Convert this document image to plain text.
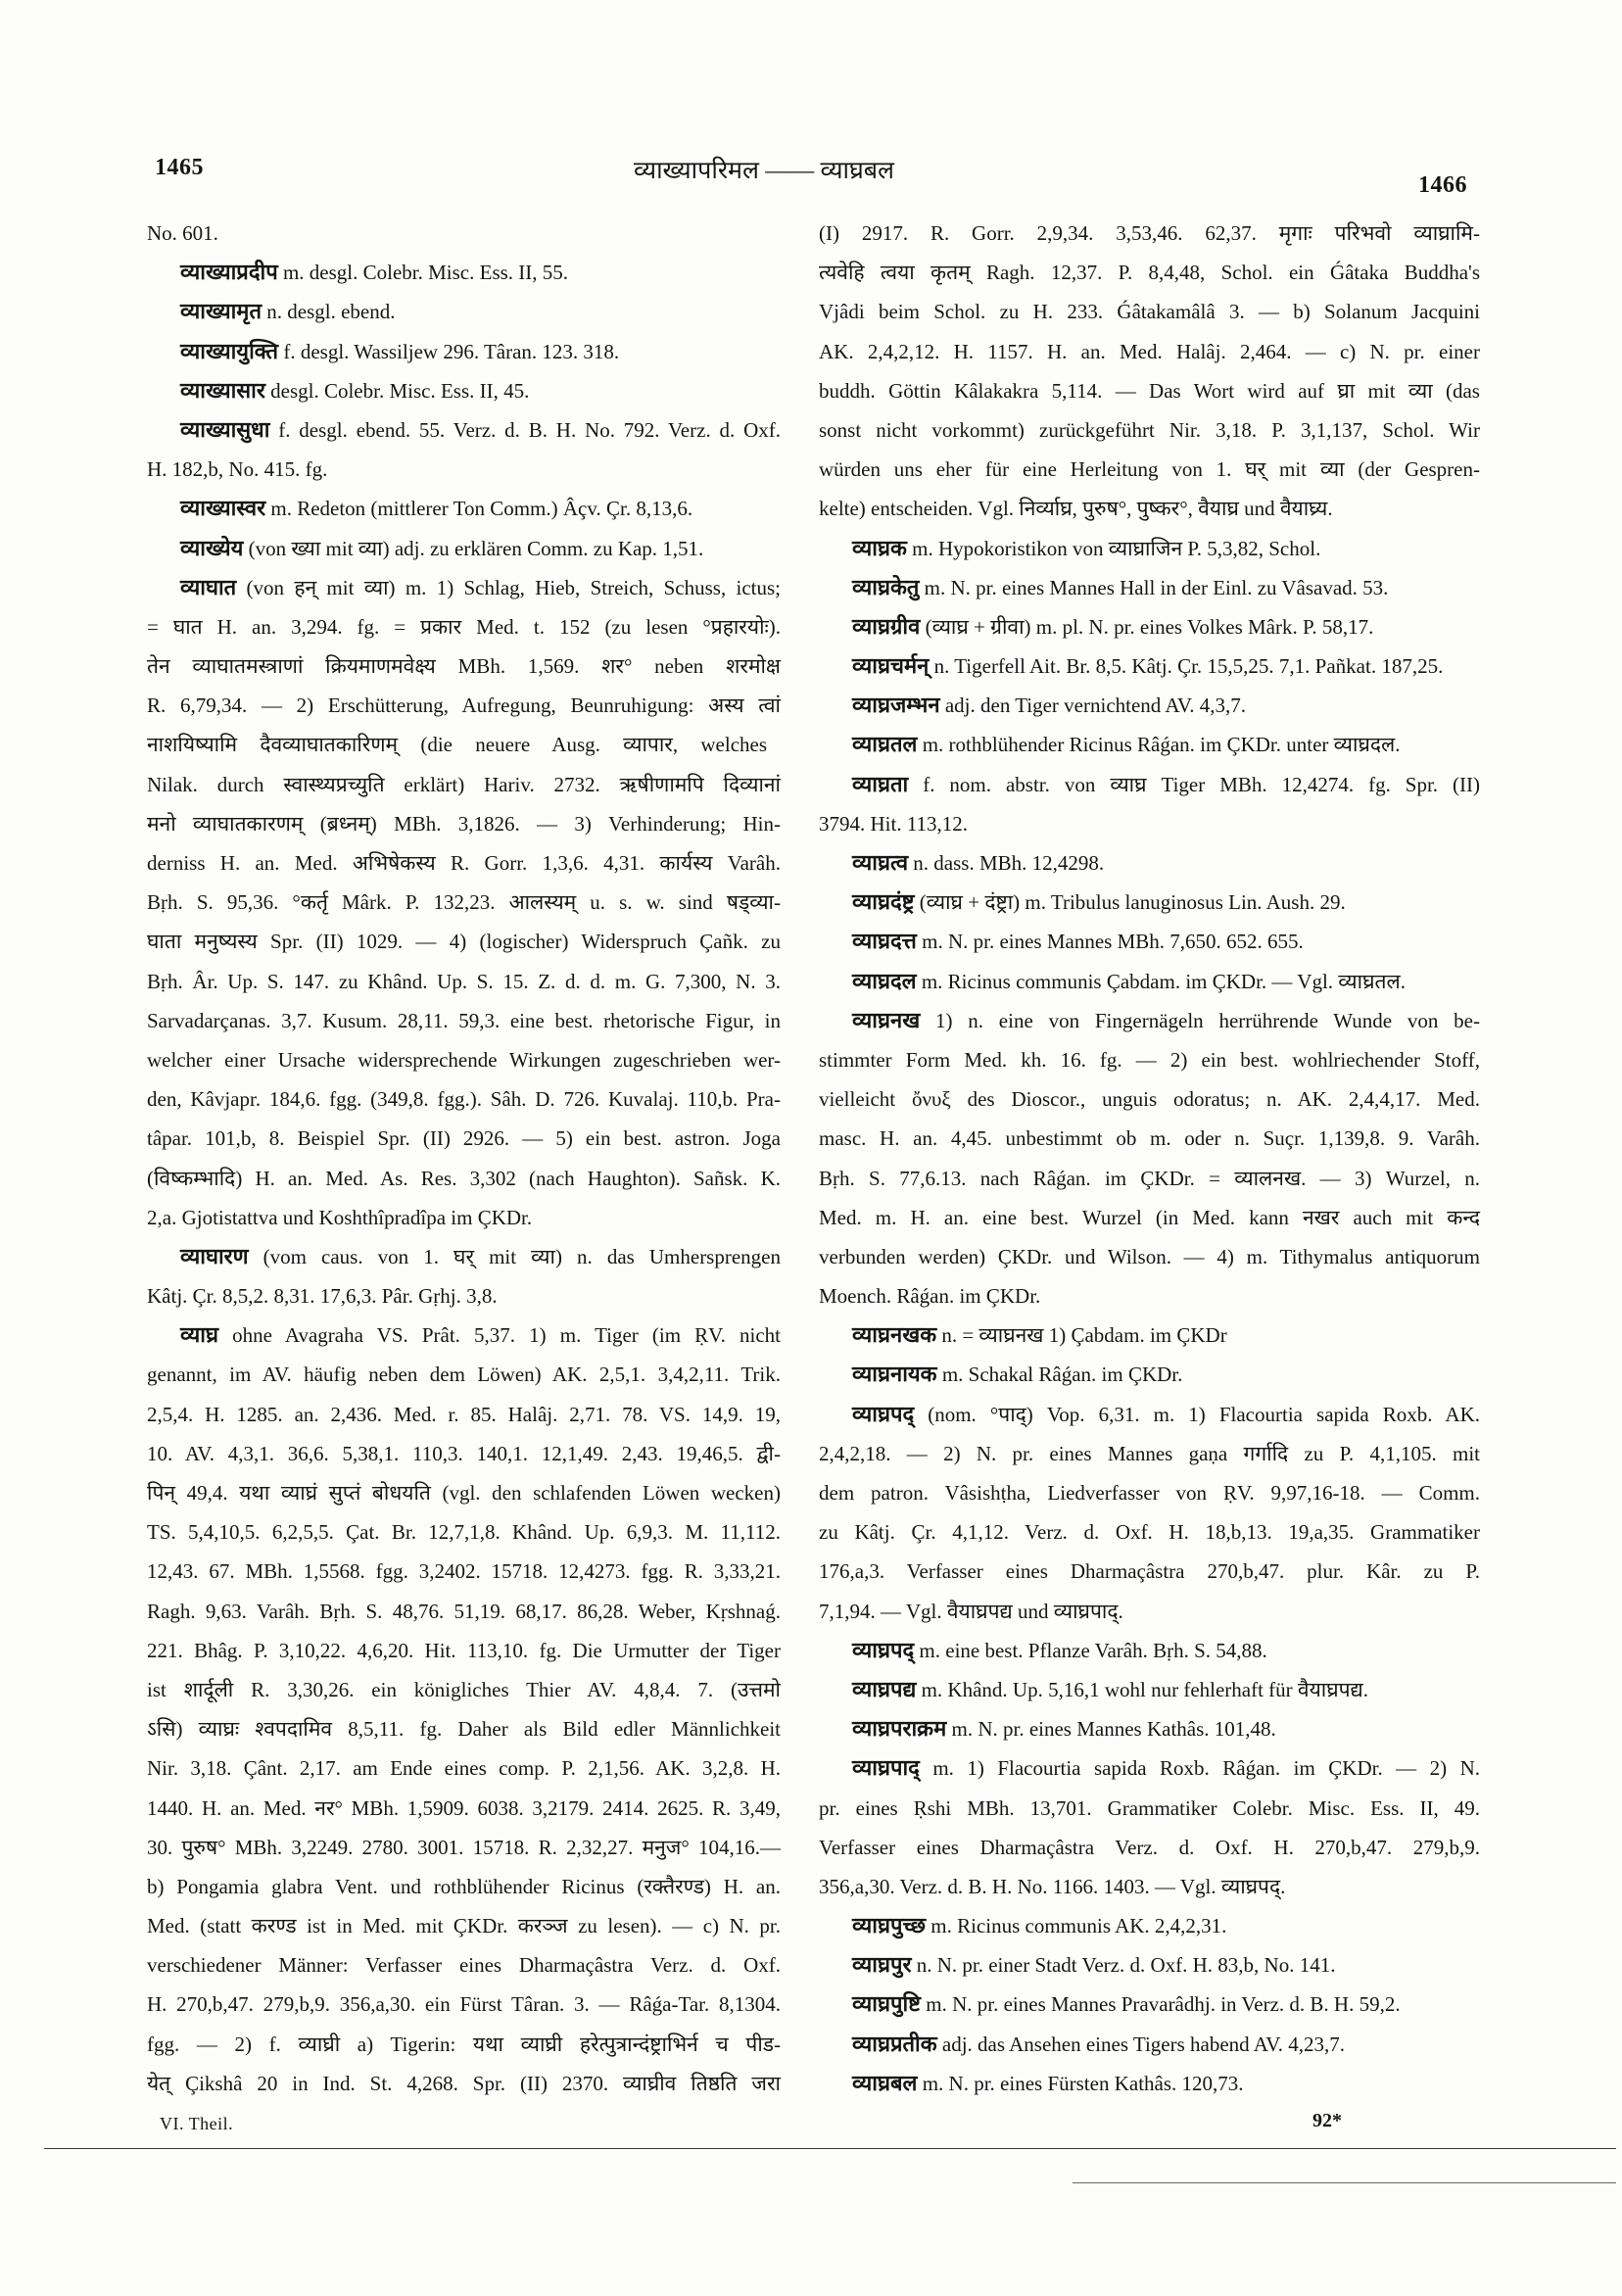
1465	व्याख्यापरिमल —— व्याघ्रबल
1466
No. 601.
व्याख्याप्रदीप m. desgl. Colebr. Misc. Ess. II, 55.
व्याख्यामृत n. desgl. ebend.
व्याख्यायुक्ति f. desgl. Wassiljew 296. Târan. 123. 318.
व्याख्यासार desgl. Colebr. Misc. Ess. II, 45.
व्याख्यासुधा f. desgl. ebend. 55. Verz. d. B. H. No. 792. Verz. d. Oxf.
H. 182,b, No. 415. fg.
व्याख्यास्वर m. Redeton (mittlerer Ton Comm.) Âçv. Çr. 8,13,6.
व्याख्येय (von ख्या mit व्या) adj. zu erklären Comm. zu Kap. 1,51.
व्याघात (von हन् mit व्या) m. 1) Schlag, Hieb, Streich, Schuss, ictus;
= घात H. an. 3,294. fg. = प्रकार Med. t. 152 (zu lesen °प्रहारयोः).
तेन व्याघातमस्त्राणां क्रियमाणमवेक्ष्य MBh. 1,569. शर° neben शरमोक्ष
R. 6,79,34. — 2) Erschütterung, Aufregung, Beunruhigung: अस्य त्वां
नाशयिष्यामि दैवव्याघातकारिणम् (die neuere Ausg. व्यापार, welches
Nilak. durch स्वास्थ्यप्रच्युति erklärt) Hariv. 2732. ऋषीणामपि दिव्यानां
मनो व्याघातकारणम् (ब्रध्नम्) MBh. 3,1826. — 3) Verhinderung; Hin-
derniss H. an. Med. अभिषेकस्य R. Gorr. 1,3,6. 4,31. कार्यस्य Varâh.
Bṛh. S. 95,36. °कर्तृ Mârk. P. 132,23. आलस्यम् u. s. w. sind षड्व्या-
घाता मनुष्यस्य Spr. (II) 1029. — 4) (logischer) Widerspruch Çañk. zu
Bṛh. Âr. Up. S. 147. zu Khând. Up. S. 15. Z. d. d. m. G. 7,300, N. 3.
Sarvadarçanas. 3,7. Kusum. 28,11. 59,3. eine best. rhetorische Figur, in
welcher einer Ursache widersprechende Wirkungen zugeschrieben wer-
den, Kâvjapr. 184,6. fgg. (349,8. fgg.). Sâh. D. 726. Kuvalaj. 110,b. Pra-
tâpar. 101,b, 8. Beispiel Spr. (II) 2926. — 5) ein best. astron. Joga
(विष्कम्भादि) H. an. Med. As. Res. 3,302 (nach Haughton). Sañsk. K.
2,a. Gjotistattva und Koshthîpradîpa im ÇKDr.
व्याघारण (vom caus. von 1. घर् mit व्या) n. das Umhersprengen
Kâtj. Çr. 8,5,2. 8,31. 17,6,3. Pâr. Gṛhj. 3,8.
व्याघ्र ohne Avagraha VS. Prât. 5,37. 1) m. Tiger (im ṚV. nicht
genannt, im AV. häufig neben dem Löwen) AK. 2,5,1. 3,4,2,11. Trik.
2,5,4. H. 1285. an. 2,436. Med. r. 85. Halâj. 2,71. 78. VS. 14,9. 19,
10. AV. 4,3,1. 36,6. 5,38,1. 110,3. 140,1. 12,1,49. 2,43. 19,46,5. द्वी-
पिन् 49,4. यथा व्याघ्रं सुप्तं बोधयति (vgl. den schlafenden Löwen wecken)
TS. 5,4,10,5. 6,2,5,5. Çat. Br. 12,7,1,8. Khând. Up. 6,9,3. M. 11,112.
12,43. 67. MBh. 1,5568. fgg. 3,2402. 15718. 12,4273. fgg. R. 3,33,21.
Ragh. 9,63. Varâh. Bṛh. S. 48,76. 51,19. 68,17. 86,28. Weber, Kṛshnaǵ.
221. Bhâg. P. 3,10,22. 4,6,20. Hit. 113,10. fg. Die Urmutter der Tiger
ist शार्दूली R. 3,30,26. ein königliches Thier AV. 4,8,4. 7. (उत्तमो
ऽसि) व्याघ्रः श्वपदामिव 8,5,11. fg. Daher als Bild edler Männlichkeit
Nir. 3,18. Çânt. 2,17. am Ende eines comp. P. 2,1,56. AK. 3,2,8. H.
1440. H. an. Med. नर° MBh. 1,5909. 6038. 3,2179. 2414. 2625. R. 3,49,
30. पुरुष° MBh. 3,2249. 2780. 3001. 15718. R. 2,32,27. मनुज° 104,16.—
b) Pongamia glabra Vent. und rothblühender Ricinus (रक्तैरण्ड) H. an.
Med. (statt करण्ड ist in Med. mit ÇKDr. करञ्ज zu lesen). — c) N. pr.
verschiedener Männer: Verfasser eines Dharmaçâstra Verz. d. Oxf.
H. 270,b,47. 279,b,9. 356,a,30. ein Fürst Târan. 3. — Râǵa-Tar. 8,1304.
fgg. — 2) f. व्याघ्री a) Tigerin: यथा व्याघ्री हरेत्पुत्रान्दंष्ट्राभिर्न च पीड-
येत् Çikshâ 20 in Ind. St. 4,268. Spr. (II) 2370. व्याघ्रीव तिष्ठति जरा
(I) 2917. R. Gorr. 2,9,34. 3,53,46. 62,37. मृगाः परिभवो व्याघ्रामि-
त्यवेहि त्वया कृतम् Ragh. 12,37. P. 8,4,48, Schol. ein Ǵâtaka Buddha's
Vjâdi beim Schol. zu H. 233. Ǵâtakamâlâ 3. — b) Solanum Jacquini
AK. 2,4,2,12. H. 1157. H. an. Med. Halâj. 2,464. — c) N. pr. einer
buddh. Göttin Kâlakakra 5,114. — Das Wort wird auf घ्रा mit व्या (das
sonst nicht vorkommt) zurückgeführt Nir. 3,18. P. 3,1,137, Schol. Wir
würden uns eher für eine Herleitung von 1. घर् mit व्या (der Gespren-
kelte) entscheiden. Vgl. निर्व्याघ्र, पुरुष°, पुष्कर°, वैयाघ्र und वैयाघ्र्य.
व्याघ्रक m. Hypokoristikon von व्याघ्राजिन P. 5,3,82, Schol.
व्याघ्रकेतु m. N. pr. eines Mannes Hall in der Einl. zu Vâsavad. 53.
व्याघ्रग्रीव (व्याघ्र + ग्रीवा) m. pl. N. pr. eines Volkes Mârk. P. 58,17.
व्याघ्रचर्मन् n. Tigerfell Ait. Br. 8,5. Kâtj. Çr. 15,5,25. 7,1. Pañkat. 187,25.
व्याघ्रजम्भन adj. den Tiger vernichtend AV. 4,3,7.
व्याघ्रतल m. rothblühender Ricinus Râǵan. im ÇKDr. unter व्याघ्रदल.
व्याघ्रता f. nom. abstr. von व्याघ्र Tiger MBh. 12,4274. fg. Spr. (II)
3794. Hit. 113,12.
व्याघ्रत्व n. dass. MBh. 12,4298.
व्याघ्रदंष्ट्र (व्याघ्र + दंष्ट्रा) m. Tribulus lanuginosus Lin. Aush. 29.
व्याघ्रदत्त m. N. pr. eines Mannes MBh. 7,650. 652. 655.
व्याघ्रदल m. Ricinus communis Çabdam. im ÇKDr. — Vgl. व्याघ्रतल.
व्याघ्रनख 1) n. eine von Fingernägeln herrührende Wunde von be-
stimmter Form Med. kh. 16. fg. — 2) ein best. wohlriechender Stoff,
vielleicht ὄνυξ des Dioscor., unguis odoratus; n. AK. 2,4,4,17. Med.
masc. H. an. 4,45. unbestimmt ob m. oder n. Suçr. 1,139,8. 9. Varâh.
Bṛh. S. 77,6.13. nach Râǵan. im ÇKDr. = व्यालनख. — 3) Wurzel, n.
Med. m. H. an. eine best. Wurzel (in Med. kann नखर auch mit कन्द
verbunden werden) ÇKDr. und Wilson. — 4) m. Tithymalus antiquorum
Moench. Râǵan. im ÇKDr.
व्याघ्रनखक n. = व्याघ्रनख 1) Çabdam. im ÇKDr
व्याघ्रनायक m. Schakal Râǵan. im ÇKDr.
व्याघ्रपद् (nom. °पाद्) Vop. 6,31. m. 1) Flacourtia sapida Roxb. AK.
2,4,2,18. — 2) N. pr. eines Mannes gaṇa गर्गादि zu P. 4,1,105. mit
dem patron. Vâsishṭha, Liedverfasser von ṚV. 9,97,16-18. — Comm.
zu Kâtj. Çr. 4,1,12. Verz. d. Oxf. H. 18,b,13. 19,a,35. Grammatiker
176,a,3. Verfasser eines Dharmaçâstra 270,b,47. plur. Kâr. zu P.
7,1,94. — Vgl. वैयाघ्रपद्य und व्याघ्रपाद्.
व्याघ्रपद् m. eine best. Pflanze Varâh. Bṛh. S. 54,88.
व्याघ्रपद्य m. Khând. Up. 5,16,1 wohl nur fehlerhaft für वैयाघ्रपद्य.
व्याघ्रपराक्रम m. N. pr. eines Mannes Kathâs. 101,48.
व्याघ्रपाद् m. 1) Flacourtia sapida Roxb. Râǵan. im ÇKDr. — 2) N.
pr. eines Ṛshi MBh. 13,701. Grammatiker Colebr. Misc. Ess. II, 49.
Verfasser eines Dharmaçâstra Verz. d. Oxf. H. 270,b,47. 279,b,9.
356,a,30. Verz. d. B. H. No. 1166. 1403. — Vgl. व्याघ्रपद्.
व्याघ्रपुच्छ m. Ricinus communis AK. 2,4,2,31.
व्याघ्रपुर n. N. pr. einer Stadt Verz. d. Oxf. H. 83,b, No. 141.
व्याघ्रपुष्टि m. N. pr. eines Mannes Pravarâdhj. in Verz. d. B. H. 59,2.
व्याघ्रप्रतीक adj. das Ansehen eines Tigers habend AV. 4,23,7.
व्याघ्रबल m. N. pr. eines Fürsten Kathâs. 120,73.
VI. Theil.	92*
